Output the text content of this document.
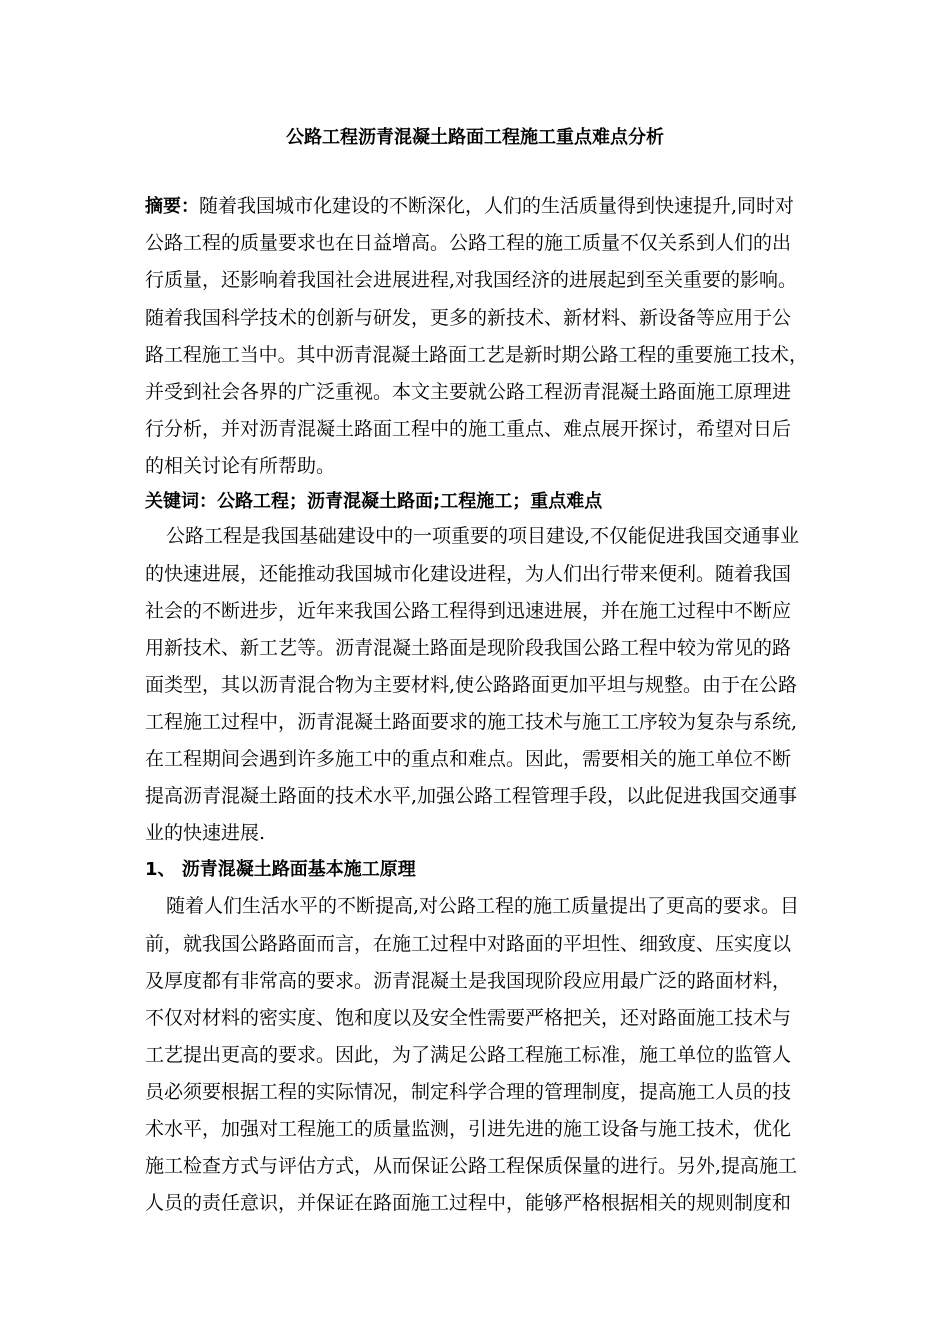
公路工程沥青混凝土路面工程施工重点难点分析
摘要：随着我国城市化建设的不断深化，人们的生活质量得到快速提升,同时对
公路工程的质量要求也在日益增高。公路工程的施工质量不仅关系到人们的出
行质量，还影响着我国社会进展进程,对我国经济的进展起到至关重要的影响。
随着我国科学技术的创新与研发，更多的新技术、新材料、新设备等应用于公
路工程施工当中。其中沥青混凝土路面工艺是新时期公路工程的重要施工技术，
并受到社会各界的广泛重视。本文主要就公路工程沥青混凝土路面施工原理进
行分析，并对沥青混凝土路面工程中的施工重点、难点展开探讨，希望对日后
的相关讨论有所帮助。
关键词：公路工程；沥青混凝土路面;工程施工；重点难点
公路工程是我国基础建设中的一项重要的项目建设,不仅能促进我国交通事业
的快速进展，还能推动我国城市化建设进程，为人们出行带来便利。随着我国
社会的不断进步，近年来我国公路工程得到迅速进展，并在施工过程中不断应
用新技术、新工艺等。沥青混凝土路面是现阶段我国公路工程中较为常见的路
面类型，其以沥青混合物为主要材料,使公路路面更加平坦与规整。由于在公路
工程施工过程中，沥青混凝土路面要求的施工技术与施工工序较为复杂与系统,
在工程期间会遇到许多施工中的重点和难点。因此，需要相关的施工单位不断
提高沥青混凝土路面的技术水平,加强公路工程管理手段，以此促进我国交通事
业的快速进展.
1、 沥青混凝土路面基本施工原理
随着人们生活水平的不断提高,对公路工程的施工质量提出了更高的要求。目
前，就我国公路路面而言，在施工过程中对路面的平坦性、细致度、压实度以
及厚度都有非常高的要求。沥青混凝土是我国现阶段应用最广泛的路面材料，
不仅对材料的密实度、饱和度以及安全性需要严格把关，还对路面施工技术与
工艺提出更高的要求。因此，为了满足公路工程施工标准，施工单位的监管人
员必须要根据工程的实际情况，制定科学合理的管理制度，提高施工人员的技
术水平，加强对工程施工的质量监测，引进先进的施工设备与施工技术，优化
施工检查方式与评估方式，从而保证公路工程保质保量的进行。另外,提高施工
人员的责任意识，并保证在路面施工过程中，能够严格根据相关的规则制度和
